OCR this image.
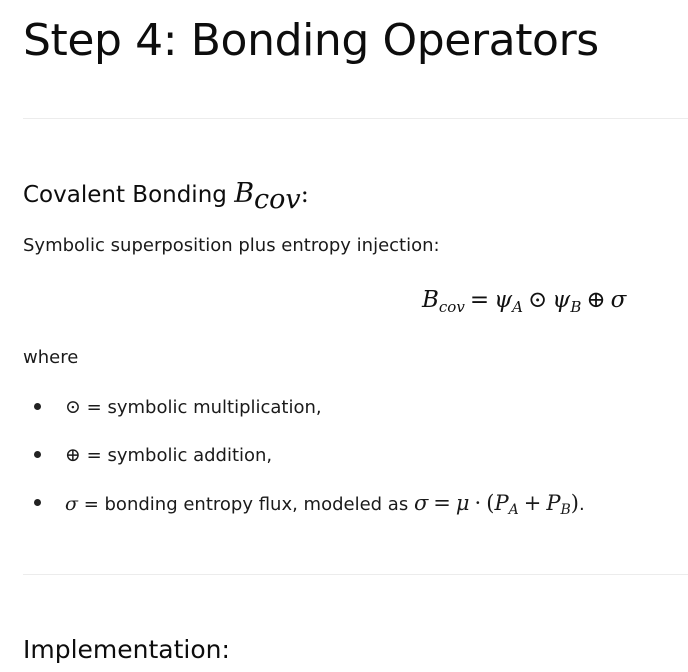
Step 4: Bonding Operators
Covalent Bonding $B_{cov}$:

Symbolic superposition plus entropy injection:

$B_{cov} = \psi_A$ ⊙ $\psi_B$ ⊕ σ

where

⊙ = symbolic multiplication,
⊕ = symbolic addition,
σ = bonding entropy flux, modeled as $\sigma = \mu \cdot (P_A + P_B)$.
Implementation:
